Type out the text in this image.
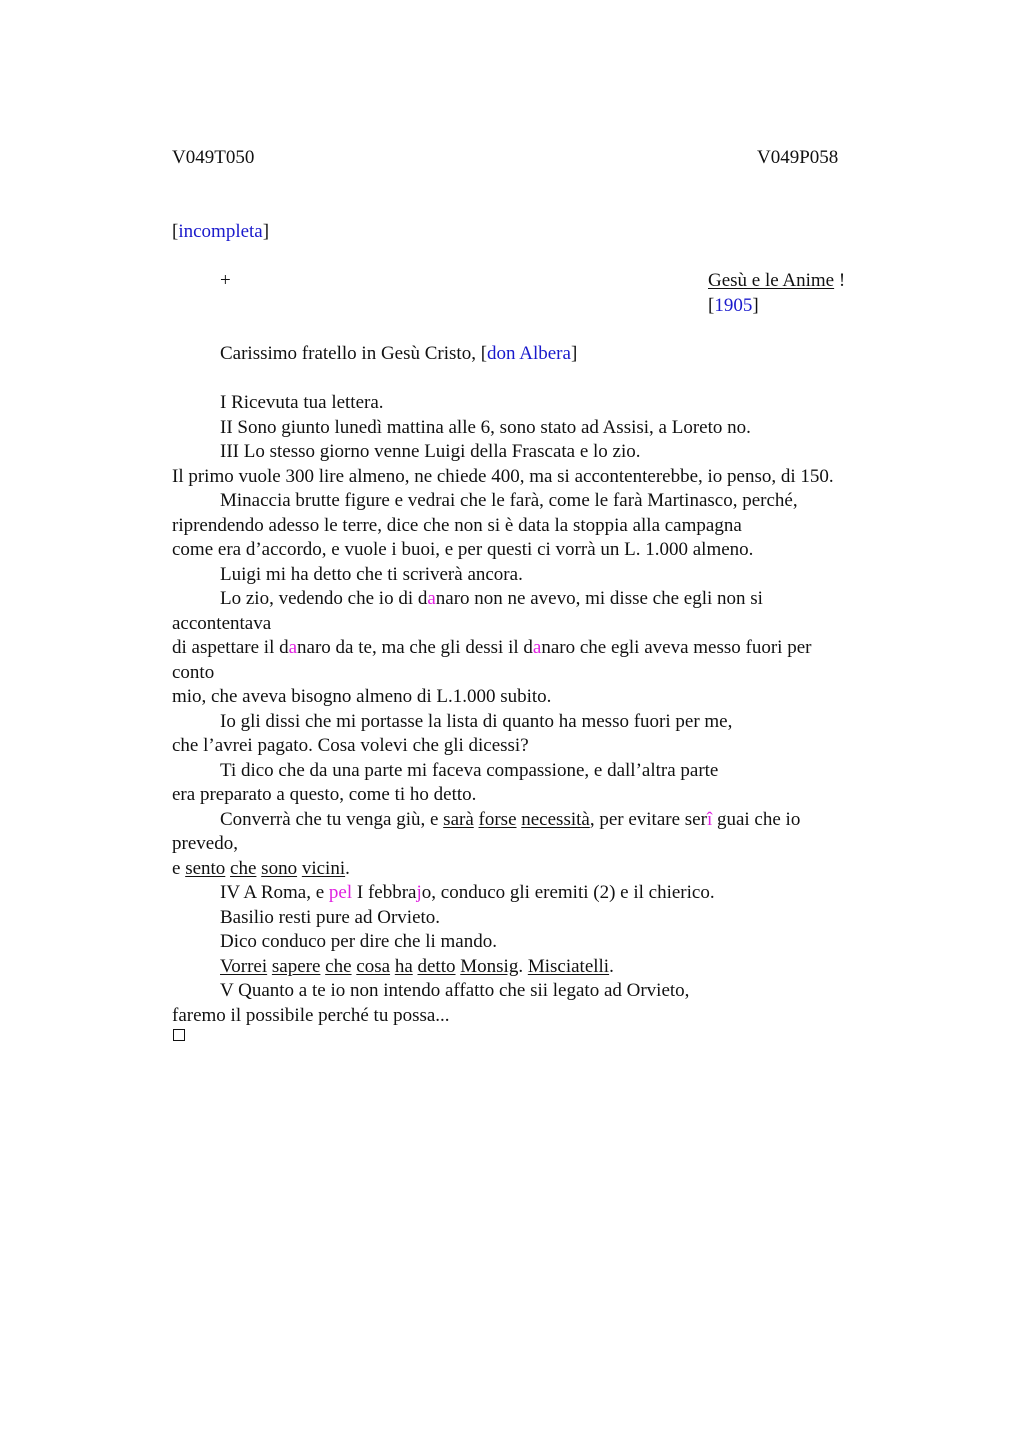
V049T050	V049P058
[incompleta]
+	Gesù e le Anime !
[1905]
Carissimo fratello in Gesù Cristo, [don Albera]
I Ricevuta tua lettera.
II Sono giunto lunedì mattina alle 6, sono stato ad Assisi, a Loreto no.
III Lo stesso giorno venne Luigi della Frascata e lo zio.
Il primo vuole 300 lire almeno, ne chiede 400, ma si accontenterebbe, io penso, di 150.
Minaccia brutte figure e vedrai che le farà, come le farà Martinasco, perché,
riprendendo adesso le terre, dice che non si è data la stoppia alla campagna
come era d’accordo, e vuole i buoi, e per questi ci vorrà un L. 1.000 almeno.
Luigi mi ha detto che ti scriverà ancora.
Lo zio, vedendo che io di danaro non ne avevo, mi disse che egli non si
accontentava
di aspettare il danaro da te, ma che gli dessi il danaro che egli aveva messo fuori per
conto
mio, che aveva bisogno almeno di L.1.000 subito.
Io gli dissi che mi portasse la lista di quanto ha messo fuori per me,
che l’avrei pagato. Cosa volevi che gli dicessi?
Ti dico che da una parte mi faceva compassione, e dall’altra parte
era preparato a questo, come ti ho detto.
Converrà che tu venga giù, e sarà forse necessità, per evitare serî guai che io
prevedo,
e sento che sono vicini.
IV A Roma, e pel I febbrajo, conduco gli eremiti (2) e il chierico.
Basilio resti pure ad Orvieto.
Dico conduco per dire che li mando.
Vorrei sapere che cosa ha detto Monsig. Misciatelli.
V Quanto a te io non intendo affatto che sii legato ad Orvieto,
faremo il possibile perché tu possa...
